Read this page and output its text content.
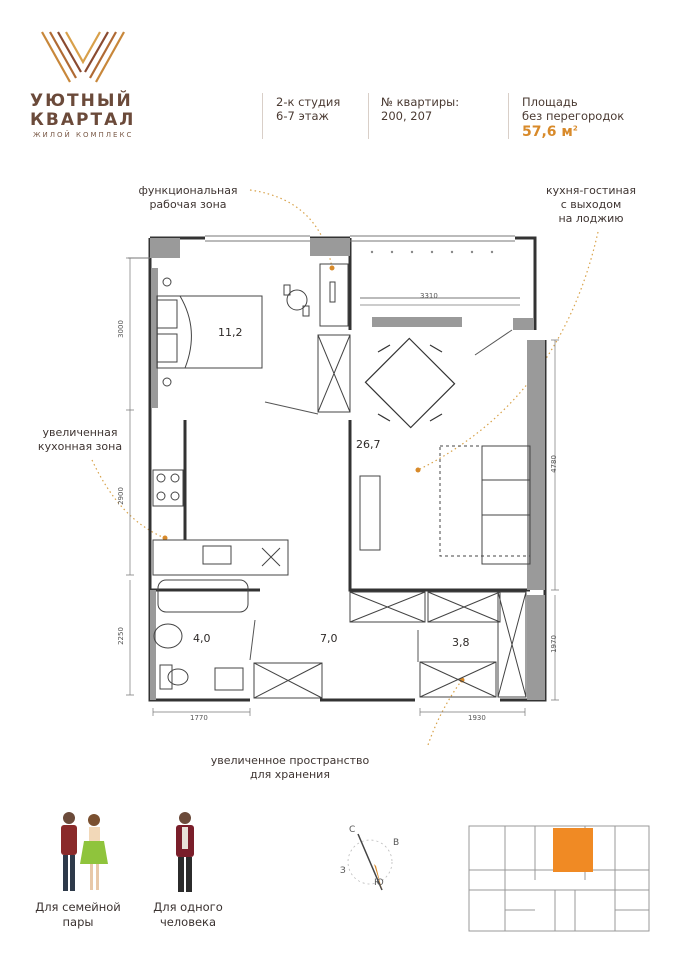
УЮТНЫЙ
КВАРТАЛ
ЖИЛОЙ КОМПЛЕКС
2-к студия
6-7 этаж
№ квартиры:
200, 207
Площадь
без перегородок
57,6 $м^2$
функциональная
рабочая зона
кухня-гостиная
с выходом
на лоджию
увеличенная
кухонная зона
увеличенное пространство
для хранения
11,2
26,7
4,0	7,0	3,8
3310
3000
2900
2250
4780
1970
1770	1930
Для семейной
пары
Для одного
человека
С
В
З
Ю
